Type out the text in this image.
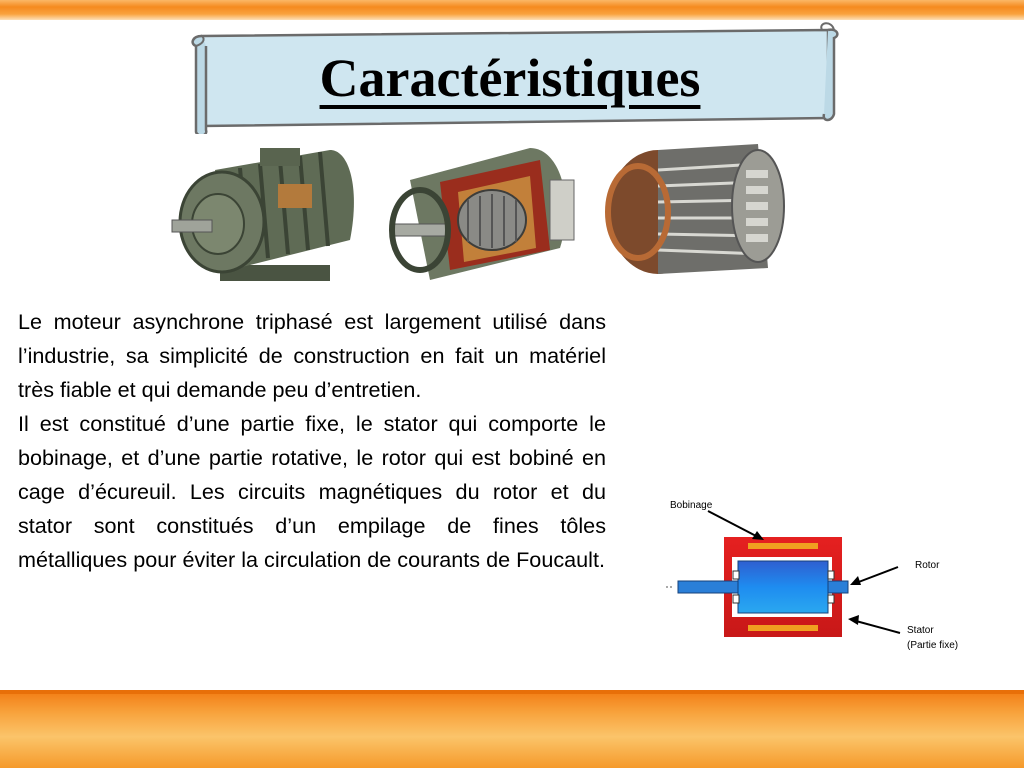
Caractéristiques

Le moteur asynchrone triphasé est largement utilisé dans l’industrie, sa simplicité de construction en fait un matériel très fiable et qui demande peu d’entretien.

Il est constitué d’une partie fixe, le stator qui comporte le bobinage, et d’une partie rotative, le rotor qui est bobiné en cage d’écureuil. Les circuits magnétiques du rotor et du stator sont constitués d’un empilage de fines tôles métalliques pour éviter la circulation de courants de Foucault.

Bobinage
Rotor
Stator
(Partie fixe)
